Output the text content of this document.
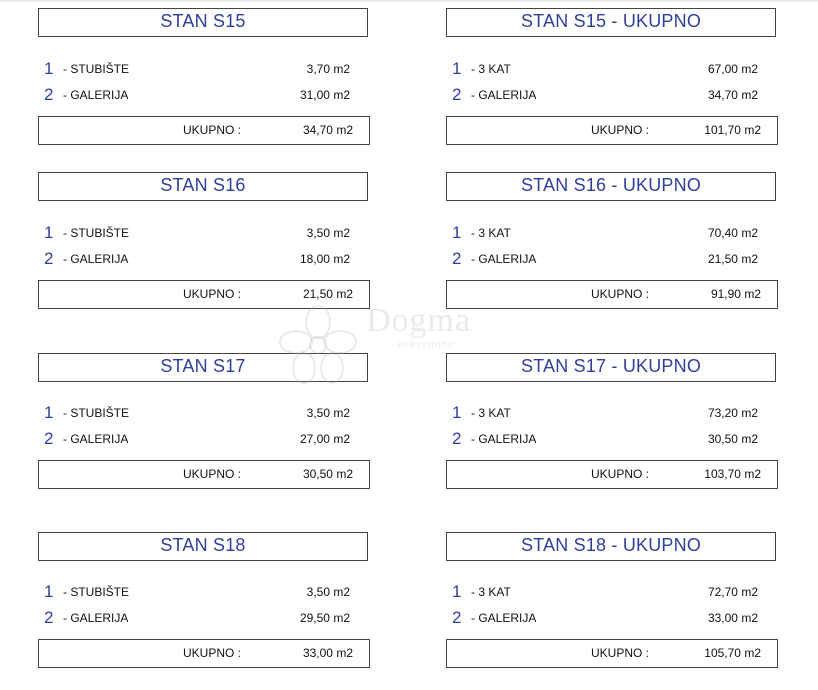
STAN S15
1 - STUBIŠTE	3,70 m2
2 - GALERIJA	31,00 m2
UKUPNO :	34,70 m2
STAN S15 - UKUPNO
1 - 3 KAT	67,00 m2
2 - GALERIJA	34,70 m2
UKUPNO :	101,70 m2
STAN S16
1 - STUBIŠTE	3,50 m2
2 - GALERIJA	18,00 m2
UKUPNO :	21,50 m2
STAN S16 - UKUPNO
1 - 3 KAT	70,40 m2
2 - GALERIJA	21,50 m2
UKUPNO :	91,90 m2
STAN S17
1 - STUBIŠTE	3,50 m2
2 - GALERIJA	27,00 m2
UKUPNO :	30,50 m2
STAN S17 - UKUPNO
1 - 3 KAT	73,20 m2
2 - GALERIJA	30,50 m2
UKUPNO :	103,70 m2
STAN S18
1 - STUBIŠTE	3,50 m2
2 - GALERIJA	29,50 m2
UKUPNO :	33,00 m2
STAN S18 - UKUPNO
1 - 3 KAT	72,70 m2
2 - GALERIJA	33,00 m2
UKUPNO :	105,70 m2
Dogma
nekretnine
